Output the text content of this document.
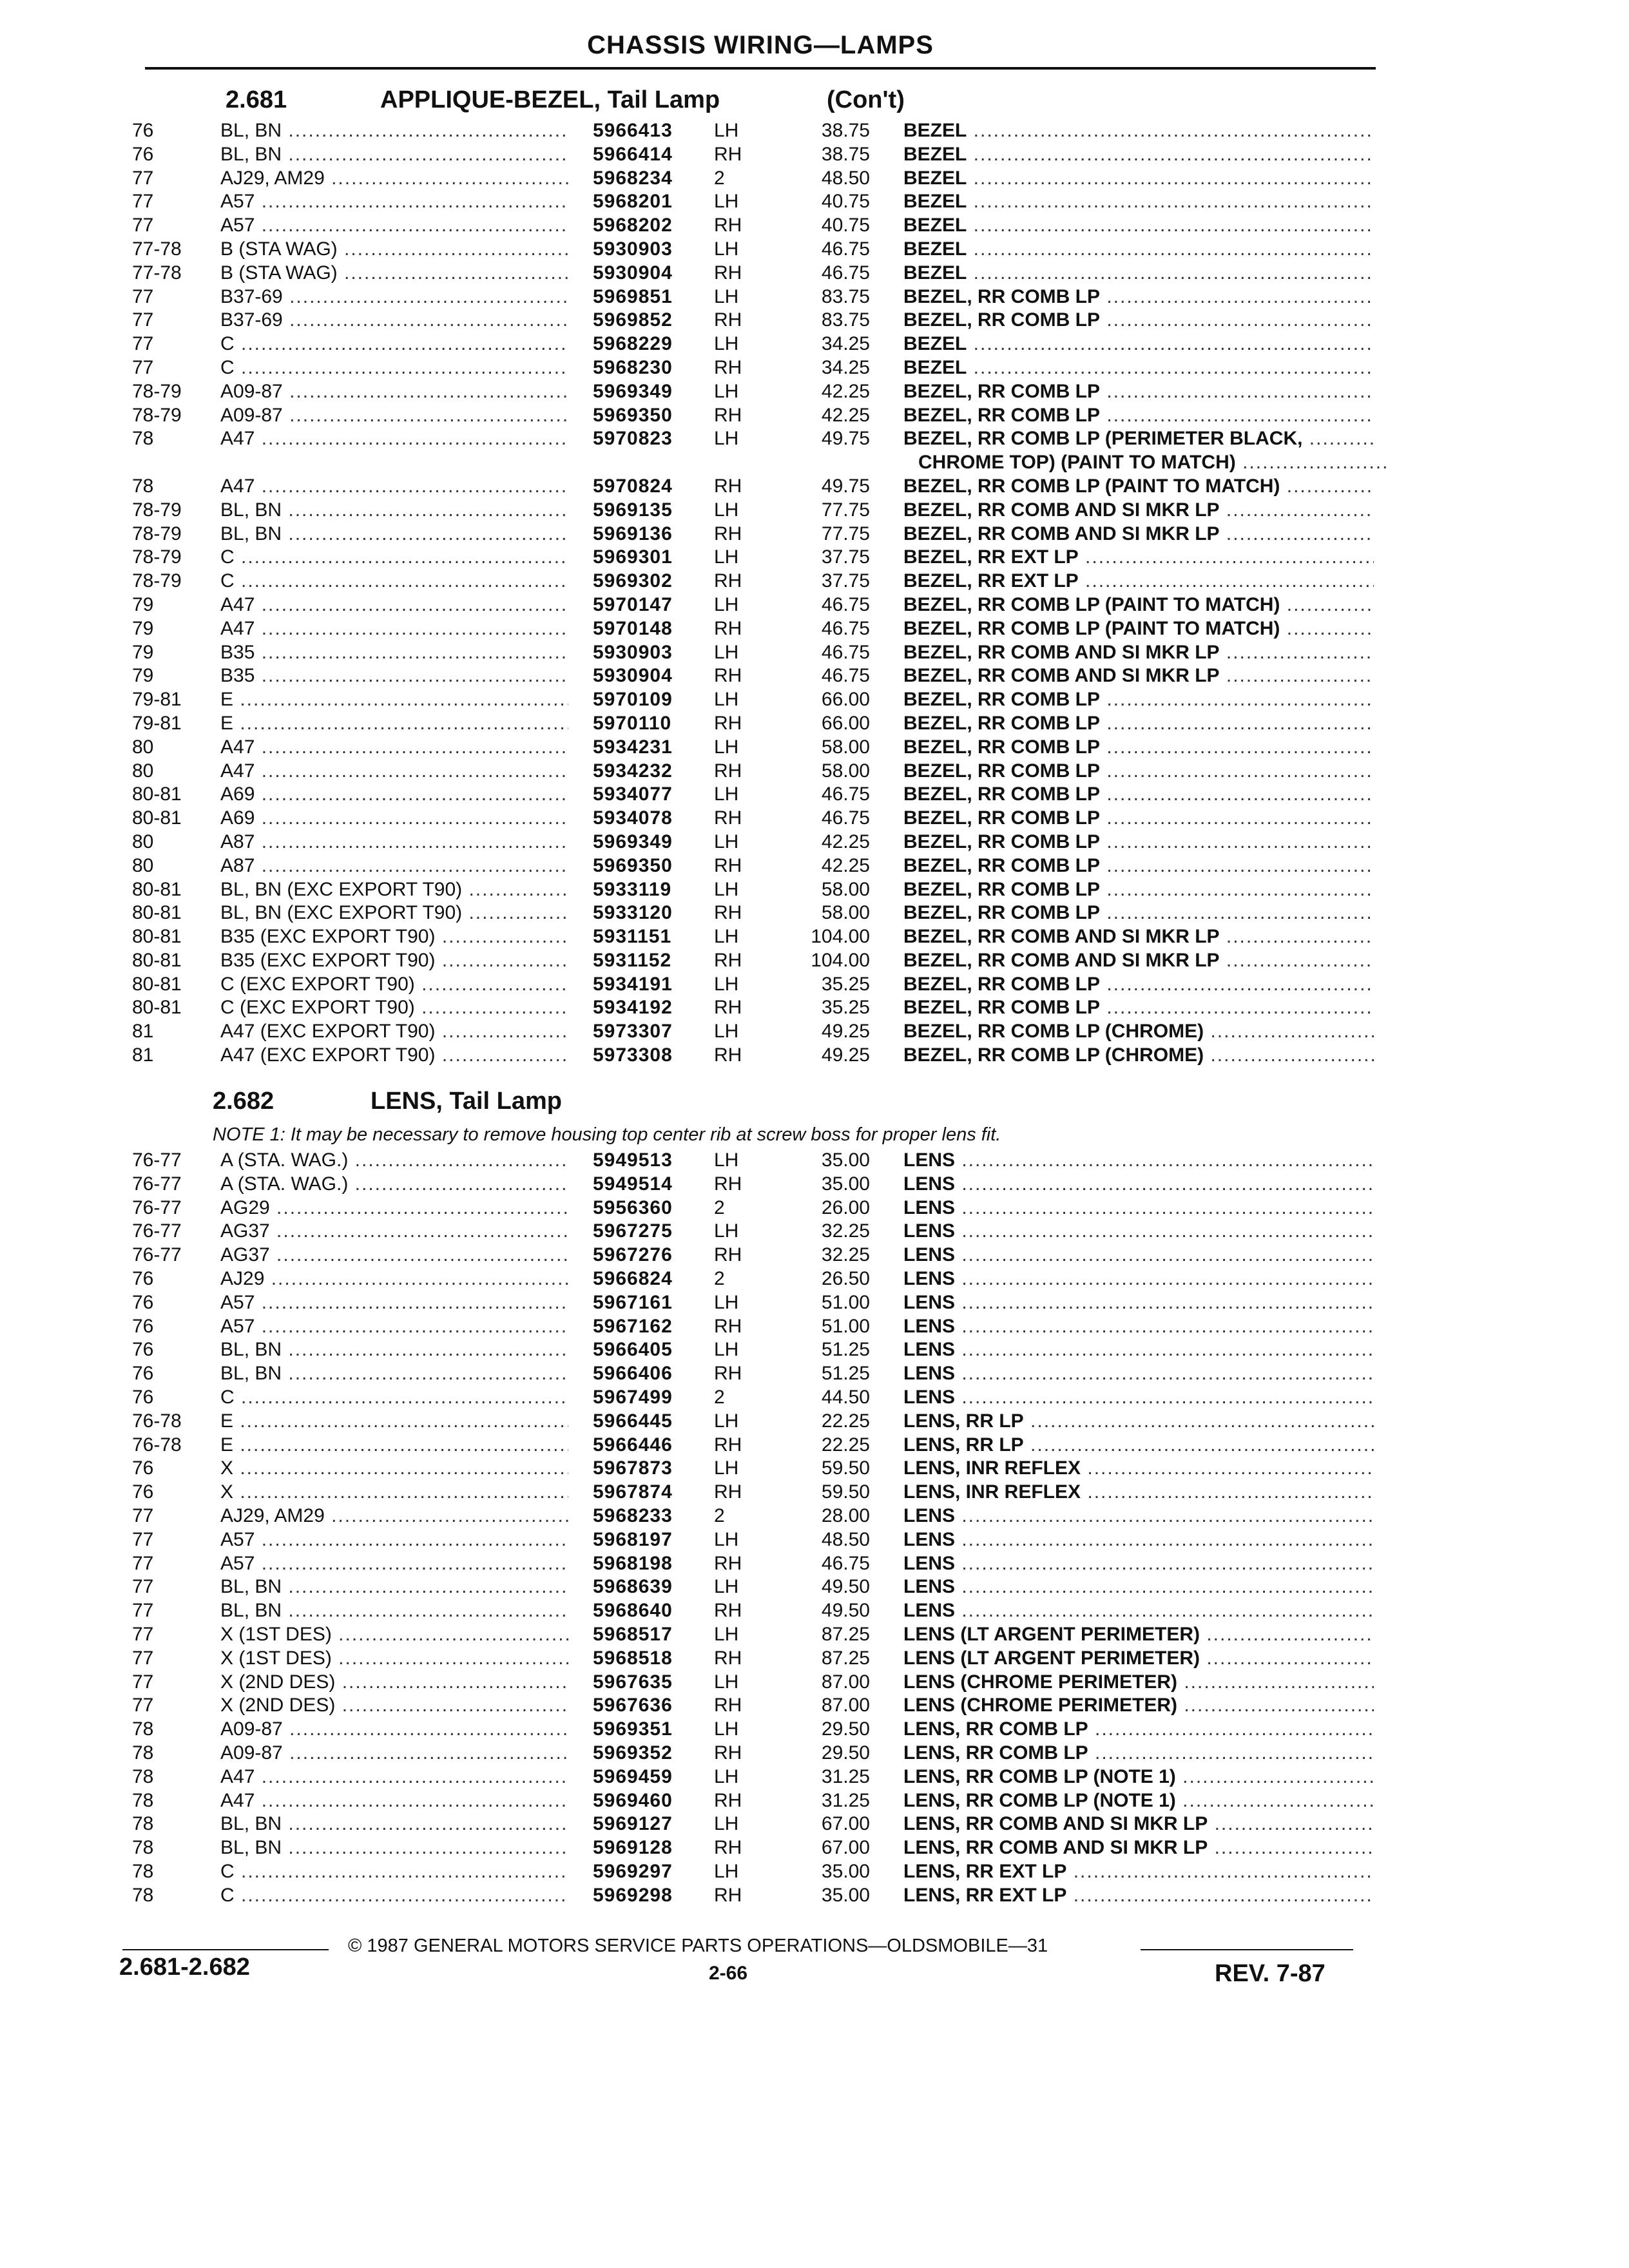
CHASSIS WIRING—LAMPS
2.681	APPLIQUE-BEZEL, Tail Lamp	(Con't)
76	BL, BN .....	5966413 LH	38.75 BEZEL .....
76	BL, BN .....	5966414 RH	38.75 BEZEL .....
77	AJ29, AM29 .....	5968234 2	48.50 BEZEL .....
77	A57 .....	5968201 LH	40.75 BEZEL .....
77	A57 .....	5968202 RH	40.75 BEZEL .....
77-78	B (STA WAG) .....	5930903 LH	46.75 BEZEL .....
77-78	B (STA WAG) .....	5930904 RH	46.75 BEZEL .....
77	B37-69 .....	5969851 LH	83.75 BEZEL, RR COMB LP .....
77	B37-69 .....	5969852 RH	83.75 BEZEL, RR COMB LP .....
77	C .....	5968229 LH	34.25 BEZEL .....
77	C .....	5968230 RH	34.25 BEZEL .....
78-79	A09-87 .....	5969349 LH	42.25 BEZEL, RR COMB LP .....
78-79	A09-87 .....	5969350 RH	42.25 BEZEL, RR COMB LP .....
78	A47 .....	5970823 LH	49.75 BEZEL, RR COMB LP (PERIMETER BLACK, .....
CHROME TOP) (PAINT TO MATCH) .....
78	A47 .....	5970824 RH	49.75 BEZEL, RR COMB LP (PAINT TO MATCH) .....
78-79	BL, BN .....	5969135 LH	77.75 BEZEL, RR COMB AND SI MKR LP .....
78-79	BL, BN .....	5969136 RH	77.75 BEZEL, RR COMB AND SI MKR LP .....
78-79	C .....	5969301 LH	37.75 BEZEL, RR EXT LP .....
78-79	C .....	5969302 RH	37.75 BEZEL, RR EXT LP .....
79	A47 .....	5970147 LH	46.75 BEZEL, RR COMB LP (PAINT TO MATCH) .....
79	A47 .....	5970148 RH	46.75 BEZEL, RR COMB LP (PAINT TO MATCH) .....
79	B35 .....	5930903 LH	46.75 BEZEL, RR COMB AND SI MKR LP .....
79	B35 .....	5930904 RH	46.75 BEZEL, RR COMB AND SI MKR LP .....
79-81	E .....	5970109 LH	66.00 BEZEL, RR COMB LP .....
79-81	E .....	5970110 RH	66.00 BEZEL, RR COMB LP .....
80	A47 .....	5934231 LH	58.00 BEZEL, RR COMB LP .....
80	A47 .....	5934232 RH	58.00 BEZEL, RR COMB LP .....
80-81	A69 .....	5934077 LH	46.75 BEZEL, RR COMB LP .....
80-81	A69 .....	5934078 RH	46.75 BEZEL, RR COMB LP .....
80	A87 .....	5969349 LH	42.25 BEZEL, RR COMB LP .....
80	A87 .....	5969350 RH	42.25 BEZEL, RR COMB LP .....
80-81	BL, BN (EXC EXPORT T90) .....	5933119 LH	58.00 BEZEL, RR COMB LP .....
80-81	BL, BN (EXC EXPORT T90) .....	5933120 RH	58.00 BEZEL, RR COMB LP .....
80-81	B35 (EXC EXPORT T90) .....	5931151 LH	104.00 BEZEL, RR COMB AND SI MKR LP .....
80-81	B35 (EXC EXPORT T90) .....	5931152 RH	104.00 BEZEL, RR COMB AND SI MKR LP .....
80-81	C (EXC EXPORT T90) .....	5934191 LH	35.25 BEZEL, RR COMB LP .....
80-81	C (EXC EXPORT T90) .....	5934192 RH	35.25 BEZEL, RR COMB LP .....
81	A47 (EXC EXPORT T90) .....	5973307 LH	49.25 BEZEL, RR COMB LP (CHROME) .....
81	A47 (EXC EXPORT T90) .....	5973308 RH	49.25 BEZEL, RR COMB LP (CHROME) .....
2.682	LENS, Tail Lamp
NOTE 1: It may be necessary to remove housing top center rib at screw boss for proper lens fit.
76-77	A (STA. WAG.) .....	5949513 LH	35.00 LENS .....
76-77	A (STA. WAG.) .....	5949514 RH	35.00 LENS .....
76-77	AG29 .....	5956360 2	26.00 LENS .....
76-77	AG37 .....	5967275 LH	32.25 LENS .....
76-77	AG37 .....	5967276 RH	32.25 LENS .....
76	AJ29 .....	5966824 2	26.50 LENS .....
76	A57 .....	5967161 LH	51.00 LENS .....
76	A57 .....	5967162 RH	51.00 LENS .....
76	BL, BN .....	5966405 LH	51.25 LENS .....
76	BL, BN .....	5966406 RH	51.25 LENS .....
76	C .....	5967499 2	44.50 LENS .....
76-78	E .....	5966445 LH	22.25 LENS, RR LP .....
76-78	E .....	5966446 RH	22.25 LENS, RR LP .....
76	X .....	5967873 LH	59.50 LENS, INR REFLEX .....
76	X .....	5967874 RH	59.50 LENS, INR REFLEX .....
77	AJ29, AM29 .....	5968233 2	28.00 LENS .....
77	A57 .....	5968197 LH	48.50 LENS .....
77	A57 .....	5968198 RH	46.75 LENS .....
77	BL, BN .....	5968639 LH	49.50 LENS .....
77	BL, BN .....	5968640 RH	49.50 LENS .....
77	X (1ST DES) .....	5968517 LH	87.25 LENS (LT ARGENT PERIMETER) .....
77	X (1ST DES) .....	5968518 RH	87.25 LENS (LT ARGENT PERIMETER) .....
77	X (2ND DES) .....	5967635 LH	87.00 LENS (CHROME PERIMETER) .....
77	X (2ND DES) .....	5967636 RH	87.00 LENS (CHROME PERIMETER) .....
78	A09-87 .....	5969351 LH	29.50 LENS, RR COMB LP .....
78	A09-87 .....	5969352 RH	29.50 LENS, RR COMB LP .....
78	A47 .....	5969459 LH	31.25 LENS, RR COMB LP (NOTE 1) .....
78	A47 .....	5969460 RH	31.25 LENS, RR COMB LP (NOTE 1) .....
78	BL, BN .....	5969127 LH	67.00 LENS, RR COMB AND SI MKR LP .....
78	BL, BN .....	5969128 RH	67.00 LENS, RR COMB AND SI MKR LP .....
78	C .....	5969297 LH	35.00 LENS, RR EXT LP .....
78	C .....	5969298 RH	35.00 LENS, RR EXT LP .....
2.681-2.682
© 1987 GENERAL MOTORS SERVICE PARTS OPERATIONS—OLDSMOBILE—31
2-66	REV. 7-87
